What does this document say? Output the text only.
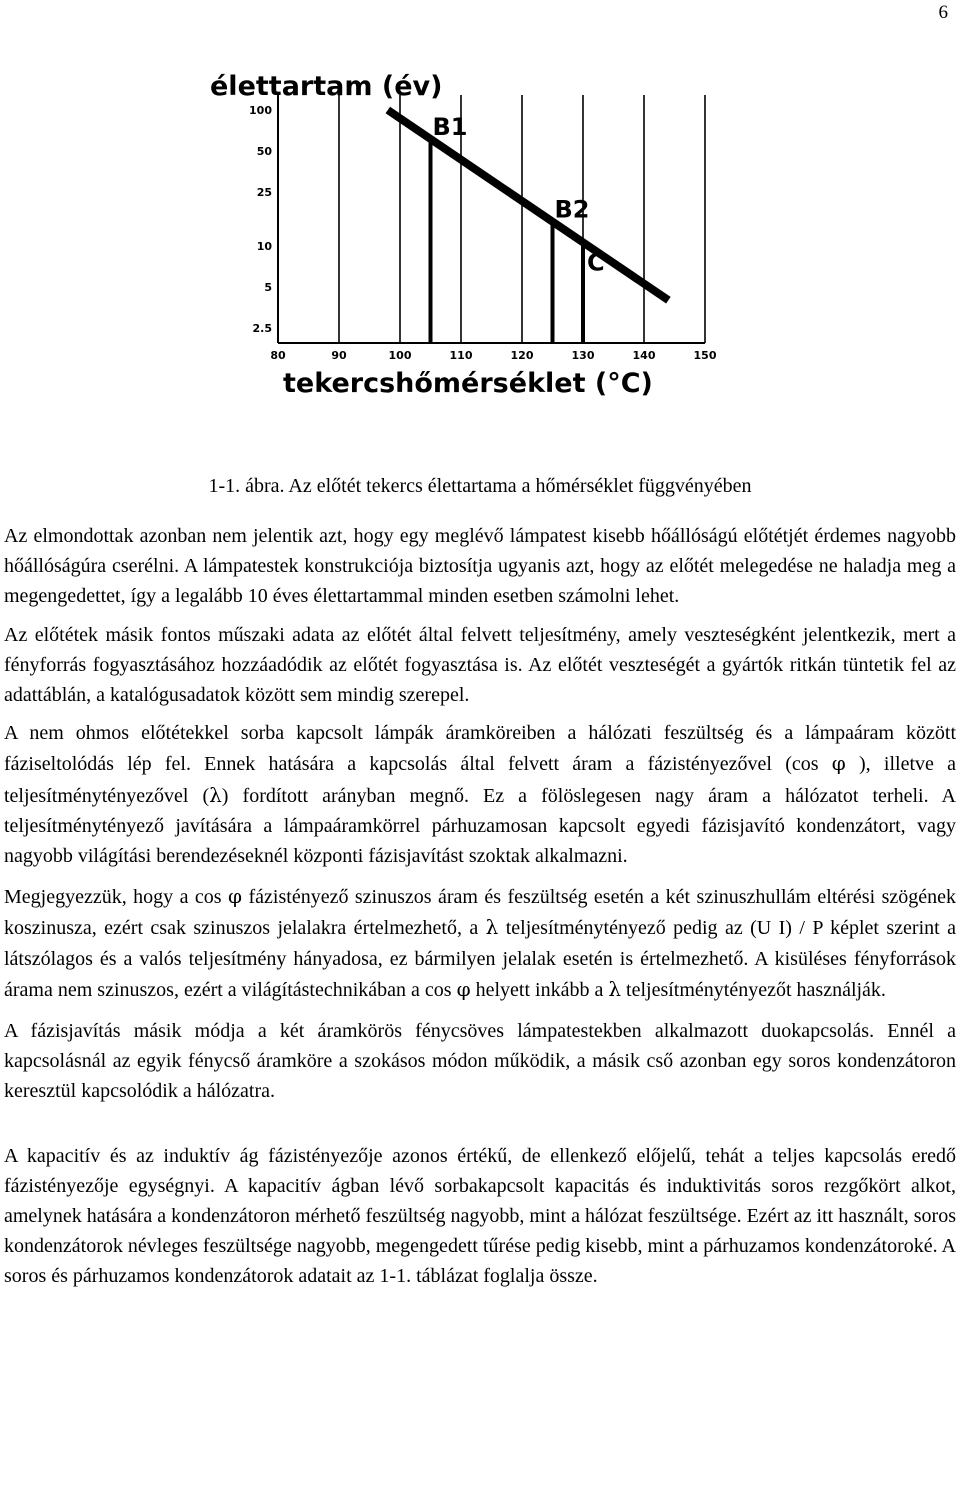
6
élettartam (év)
100
50
25
10
5
2.5
80	90	100	110	120	130	140	150
B1
B2
C
tekercshőmérséklet (°C)
1-1. ábra. Az előtét tekercs élettartama a hőmérséklet függvényében

Az elmondottak azonban nem jelentik azt, hogy egy meglévő lámpatest kisebb hőállóságú előtétjét érdemes nagyobb hőállóságúra cserélni. A lámpatestek konstrukciója biztosítja ugyanis azt, hogy az előtét melegedése ne haladja meg a megengedettet, így a legalább 10 éves élettartammal minden esetben számolni lehet.

Az előtétek másik fontos műszaki adata az előtét által felvett teljesítmény, amely veszteségként jelentkezik, mert a fényforrás fogyasztásához hozzáadódik az előtét fogyasztása is. Az előtét veszteségét a gyártók ritkán tüntetik fel az adattáblán, a katalógusadatok között sem mindig szerepel.

A nem ohmos előtétekkel sorba kapcsolt lámpák áramköreiben a hálózati feszültség és a lámpaáram között fáziseltolódás lép fel. Ennek hatására a kapcsolás által felvett áram a fázistényezővel (cos φ ), illetve a teljesítménytényezővel (λ) fordított arányban megnő. Ez a fölöslegesen nagy áram a hálózatot terheli. A teljesítménytényező javítására a lámpaáramkörrel párhuzamosan kapcsolt egyedi fázisjavító kondenzátort, vagy nagyobb világítási berendezéseknél központi fázisjavítást szoktak alkalmazni.

Megjegyezzük, hogy a cos φ fázistényező szinuszos áram és feszültség esetén a két szinuszhullám eltérési szögének koszinusza, ezért csak szinuszos jelalakra értelmezhető, a λ teljesítménytényező pedig az (U I) / P képlet szerint a látszólagos és a valós teljesítmény hányadosa, ez bármilyen jelalak esetén is értelmezhető. A kisüléses fényforrások árama nem szinuszos, ezért a világítástechnikában a cos φ helyett inkább a λ teljesítménytényezőt használják.

A fázisjavítás másik módja a két áramkörös fénycsöves lámpatestekben alkalmazott duokapcsolás. Ennél a kapcsolásnál az egyik fénycső áramköre a szokásos módon működik, a másik cső azonban egy soros kondenzátoron keresztül kapcsolódik a hálózatra.

A kapacitív és az induktív ág fázistényezője azonos értékű, de ellenkező előjelű, tehát a teljes kapcsolás eredő fázistényezője egységnyi. A kapacitív ágban lévő sorbakapcsolt kapacitás és induktivitás soros rezgőkört alkot, amelynek hatására a kondenzátoron mérhető feszültség nagyobb, mint a hálózat feszültsége. Ezért az itt használt, soros kondenzátorok névleges feszültsége nagyobb, megengedett tűrése pedig kisebb, mint a párhuzamos kondenzátoroké. A soros és párhuzamos kondenzátorok adatait az 1-1. táblázat foglalja össze.
